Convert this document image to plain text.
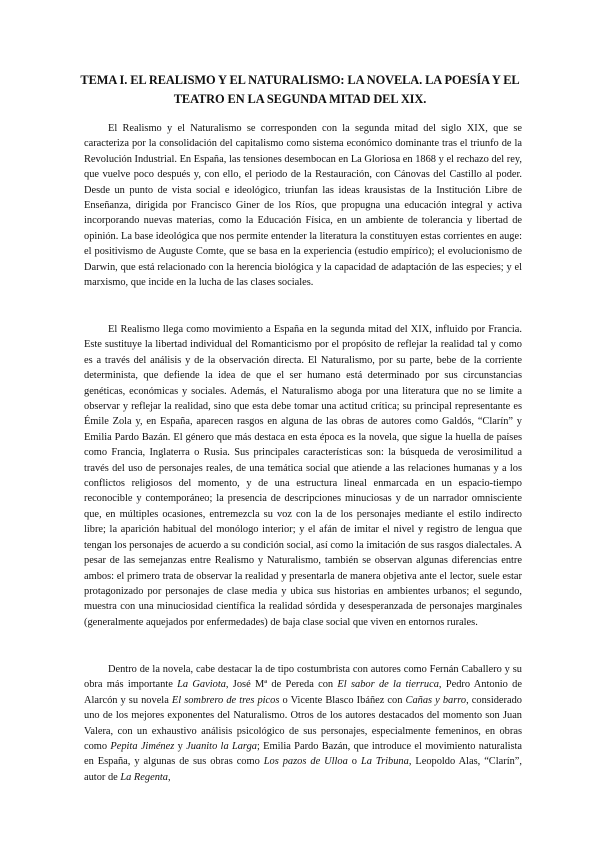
TEMA I. EL REALISMO Y EL NATURALISMO: LA NOVELA. LA POESÍA Y EL TEATRO EN LA SEGUNDA MITAD DEL XIX.

El Realismo y el Naturalismo se corresponden con la segunda mitad del siglo XIX, que se caracteriza por la consolidación del capitalismo como sistema económico dominante tras el triunfo de la Revolución Industrial. En España, las tensiones desembocan en La Gloriosa en 1868 y el rechazo del rey, que vuelve poco después y, con ello, el periodo de la Restauración, con Cánovas del Castillo al poder. Desde un punto de vista social e ideológico, triunfan las ideas krausistas de la Institución Libre de Enseñanza, dirigida por Francisco Giner de los Ríos, que propugna una educación integral y activa incorporando nuevas materias, como la Educación Física, en un ambiente de tolerancia y libertad de opinión. La base ideológica que nos permite entender la literatura la constituyen estas corrientes en auge: el positivismo de Auguste Comte, que se basa en la experiencia (estudio empírico); el evolucionismo de Darwin, que está relacionado con la herencia biológica y la capacidad de adaptación de las especies; y el marxismo, que incide en la lucha de las clases sociales.

El Realismo llega como movimiento a España en la segunda mitad del XIX, influido por Francia. Este sustituye la libertad individual del Romanticismo por el propósito de reflejar la realidad tal y como es a través del análisis y de la observación directa. El Naturalismo, por su parte, bebe de la corriente determinista, que defiende la idea de que el ser humano está determinado por sus circunstancias genéticas, económicas y sociales. Además, el Naturalismo aboga por una literatura que no se limite a observar y reflejar la realidad, sino que esta debe tomar una actitud crítica; su principal representante es Émile Zola y, en España, aparecen rasgos en alguna de las obras de autores como Galdós, “Clarín” y Emilia Pardo Bazán. El género que más destaca en esta época es la novela, que sigue la huella de países como Francia, Inglaterra o Rusia. Sus principales características son: la búsqueda de verosimilitud a través del uso de personajes reales, de una temática social que atiende a las relaciones humanas y a los conflictos religiosos del momento, y de una estructura lineal enmarcada en un espacio-tiempo reconocible y contemporáneo; la presencia de descripciones minuciosas y de un narrador omnisciente que, en múltiples ocasiones, entremezcla su voz con la de los personajes mediante el estilo indirecto libre; la aparición habitual del monólogo interior; y el afán de imitar el nivel y registro de lengua que tengan los personajes de acuerdo a su condición social, así como la imitación de sus rasgos dialectales. A pesar de las semejanzas entre Realismo y Naturalismo, también se observan algunas diferencias entre ambos: el primero trata de observar la realidad y presentarla de manera objetiva ante el lector, suele estar protagonizado por personajes de clase media y ubica sus historias en ambientes urbanos; el segundo, muestra con una minuciosidad científica la realidad sórdida y desesperanzada de personajes marginales (generalmente aquejados por enfermedades) de baja clase social que viven en entornos rurales.

Dentro de la novela, cabe destacar la de tipo costumbrista con autores como Fernán Caballero y su obra más importante La Gaviota, José Mª de Pereda con El sabor de la tierruca, Pedro Antonio de Alarcón y su novela El sombrero de tres picos o Vicente Blasco Ibáñez con Cañas y barro, considerado uno de los mejores exponentes del Naturalismo. Otros de los autores destacados del momento son Juan Valera, con un exhaustivo análisis psicológico de sus personajes, especialmente femeninos, en obras como Pepita Jiménez y Juanito la Larga; Emilia Pardo Bazán, que introduce el movimiento naturalista en España, y algunas de sus obras como Los pazos de Ulloa o La Tribuna, Leopoldo Alas, “Clarín”, autor de La Regenta,
